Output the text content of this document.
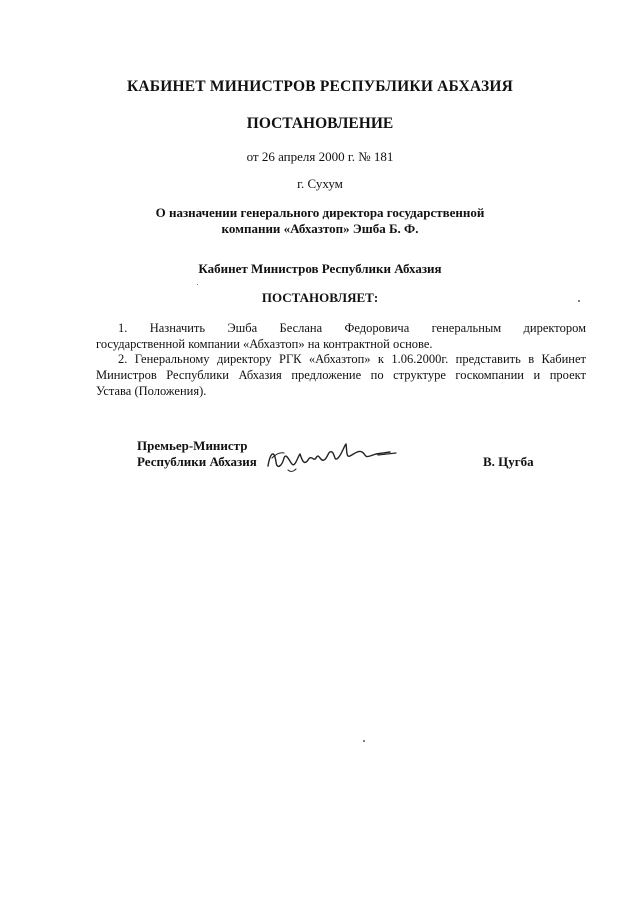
КАБИНЕТ МИНИСТРОВ РЕСПУБЛИКИ АБХАЗИЯ
ПОСТАНОВЛЕНИЕ
от 26 апреля 2000 г. № 181
г. Сухум
О назначении генерального директора государственной
компании «Абхазтоп» Эшба Б. Ф.
Кабинет Министров Республики Абхазия
ПОСТАНОВЛЯЕТ:
1. Назначить Эшба Беслана Федоровича генеральным директором
государственной компании «Абхазтоп» на контрактной основе.
2. Генеральному директору РГК «Абхазтоп» к 1.06.2000г. представить в Кабинет
Министров Республики Абхазия предложение по структуре госкомпании и проект
Устава (Положения).
Премьер-Министр
Республики Абхазия	В. Цугба
